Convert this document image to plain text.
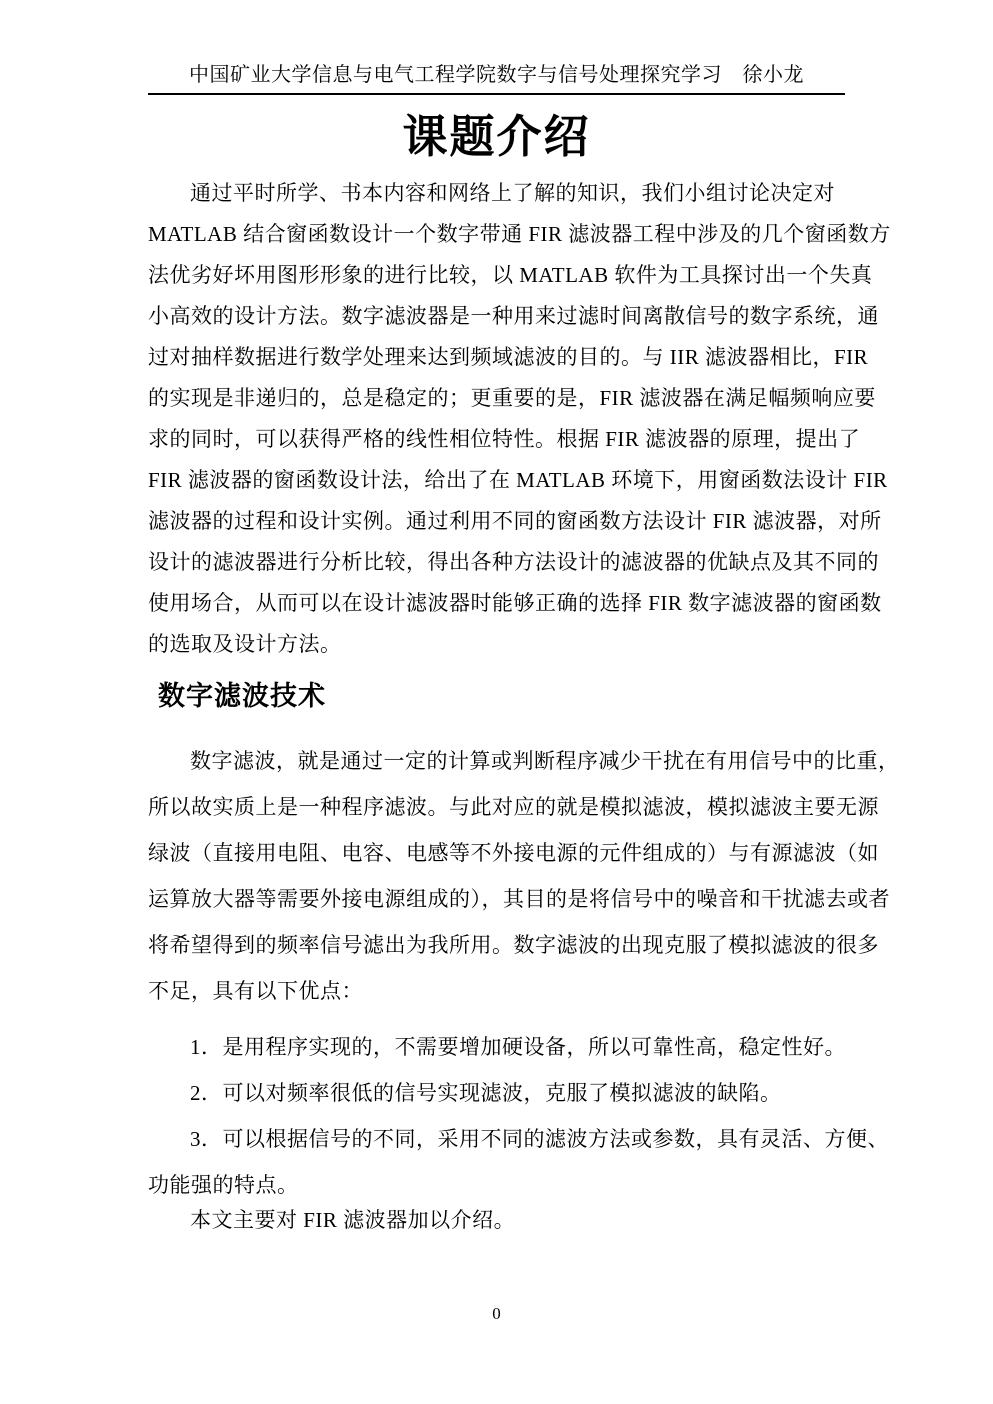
中国矿业大学信息与电气工程学院数字与信号处理探究学习　徐小龙
课题介绍
通过平时所学、书本内容和网络上了解的知识，我们小组讨论决定对
MATLAB 结合窗函数设计一个数字带通 FIR 滤波器工程中涉及的几个窗函数方
法优劣好坏用图形形象的进行比较，以 MATLAB 软件为工具探讨出一个失真
小高效的设计方法。数字滤波器是一种用来过滤时间离散信号的数字系统，通
过对抽样数据进行数学处理来达到频域滤波的目的。与 IIR 滤波器相比，FIR
的实现是非递归的，总是稳定的；更重要的是，FIR 滤波器在满足幅频响应要
求的同时，可以获得严格的线性相位特性。根据 FIR 滤波器的原理，提出了
FIR 滤波器的窗函数设计法，给出了在 MATLAB 环境下，用窗函数法设计 FIR
滤波器的过程和设计实例。通过利用不同的窗函数方法设计 FIR 滤波器，对所
设计的滤波器进行分析比较，得出各种方法设计的滤波器的优缺点及其不同的
使用场合，从而可以在设计滤波器时能够正确的选择 FIR 数字滤波器的窗函数
的选取及设计方法。
数字滤波技术
数字滤波，就是通过一定的计算或判断程序减少干扰在有用信号中的比重，
所以故实质上是一种程序滤波。与此对应的就是模拟滤波，模拟滤波主要无源
绿波（直接用电阻、电容、电感等不外接电源的元件组成的）与有源滤波（如
运算放大器等需要外接电源组成的），其目的是将信号中的噪音和干扰滤去或者
将希望得到的频率信号滤出为我所用。数字滤波的出现克服了模拟滤波的很多
不足，具有以下优点：
1．是用程序实现的，不需要增加硬设备，所以可靠性高，稳定性好。
2．可以对频率很低的信号实现滤波，克服了模拟滤波的缺陷。
3．可以根据信号的不同，采用不同的滤波方法或参数，具有灵活、方便、
功能强的特点。
本文主要对 FIR 滤波器加以介绍。
0
